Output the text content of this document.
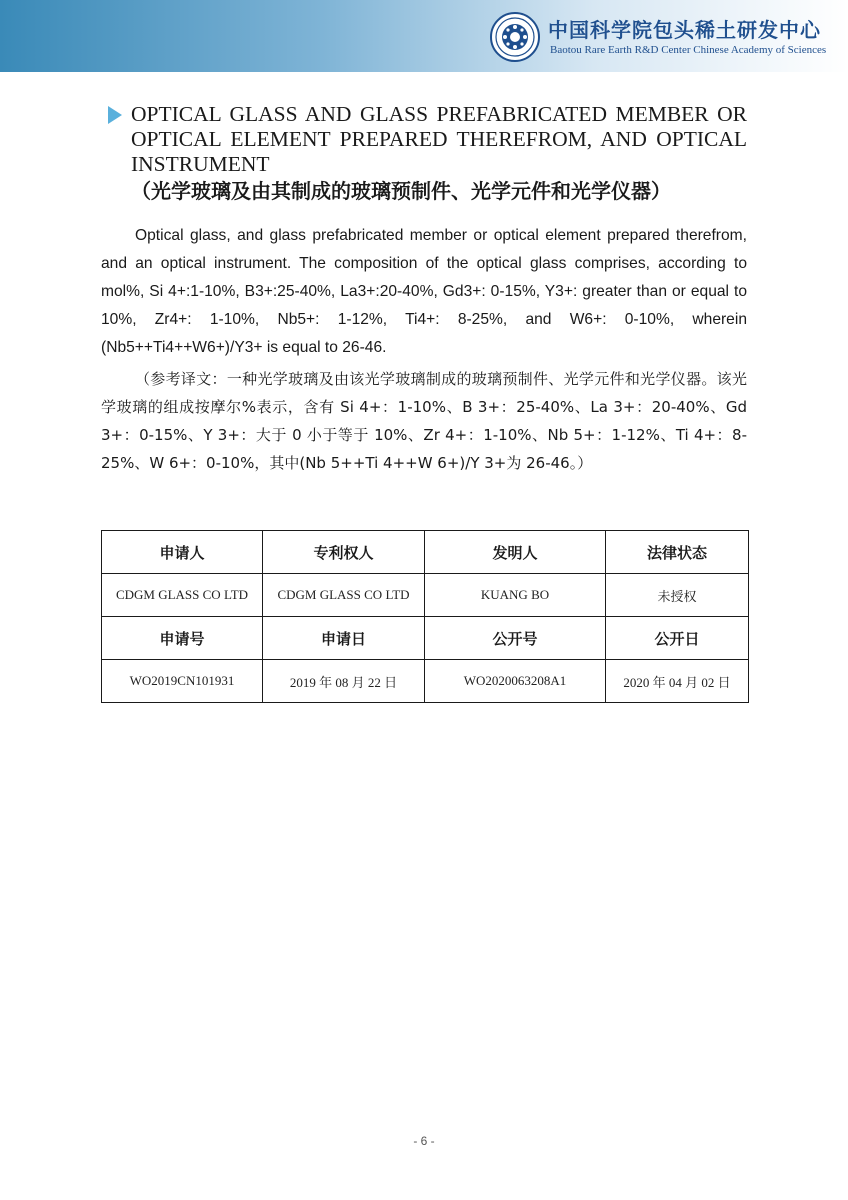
中国科学院包头稀土研发中心
Baotou Rare Earth R&D Center Chinese Academy of Sciences

OPTICAL GLASS AND GLASS PREFABRICATED MEMBER OR OPTICAL ELEMENT PREPARED THEREFROM, AND OPTICAL INSTRUMENT

（光学玻璃及由其制成的玻璃预制件、光学元件和光学仪器）

Optical glass, and glass prefabricated member or optical element prepared therefrom, and an optical instrument. The composition of the optical glass comprises, according to mol%, Si 4+:1-10%, B3+:25-40%, La3+:20-40%, Gd3+: 0-15%, Y3+: greater than or equal to 10%, Zr4+: 1-10%, Nb5+: 1-12%, Ti4+: 8-25%, and W6+: 0-10%, wherein (Nb5++Ti4++W6+)/Y3+ is equal to 26-46.

（参考译文：一种光学玻璃及由该光学玻璃制成的玻璃预制件、光学元件和光学仪器。该光学玻璃的组成按摩尔%表示，含有 Si 4+：1-10%、B 3+：25-40%、La 3+：20-40%、Gd 3+：0-15%、Y 3+：大于 0 小于等于 10%、Zr 4+：1-10%、Nb 5+：1-12%、Ti 4+：8-25%、W 6+：0-10%，其中(Nb 5++Ti 4++W 6+)/Y 3+为 26-46。）

申请人	专利权人	发明人	法律状态
CDGM GLASS CO LTD	CDGM GLASS CO LTD	KUANG BO	未授权
申请号	申请日	公开号	公开日
WO2019CN101931	2019 年 08 月 22 日	WO2020063208A1	2020 年 04 月 02 日
- 6 -
